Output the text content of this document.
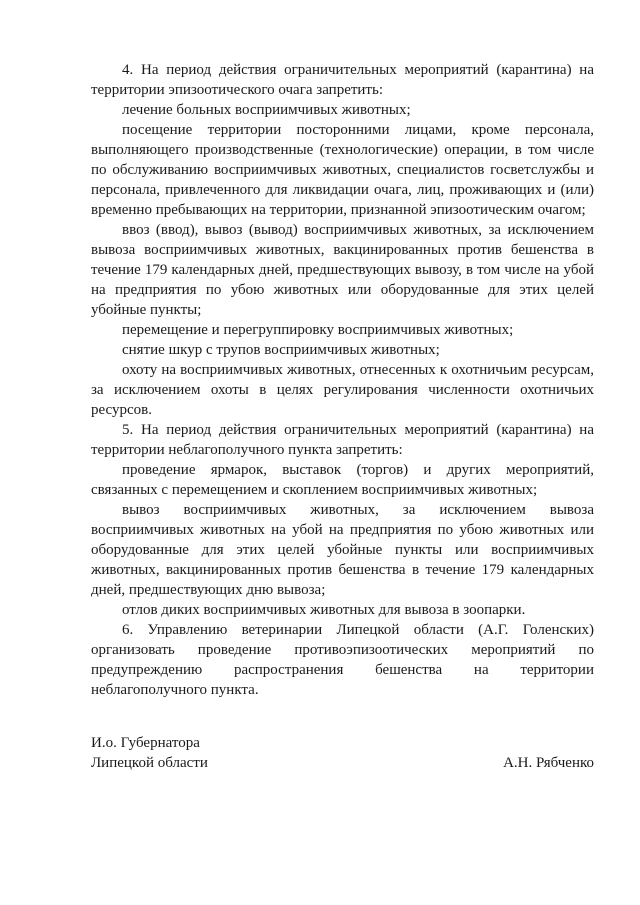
4. На период действия ограничительных мероприятий (карантина) на территории эпизоотического очага запретить:

лечение больных восприимчивых животных;

посещение территории посторонними лицами, кроме персонала, выполняющего производственные (технологические) операции, в том числе по обслуживанию восприимчивых животных, специалистов госветслужбы и персонала, привлеченного для ликвидации очага, лиц, проживающих и (или) временно пребывающих на территории, признанной эпизоотическим очагом;

ввоз (ввод), вывоз (вывод) восприимчивых животных, за исключением вывоза восприимчивых животных, вакцинированных против бешенства в течение 179 календарных дней, предшествующих вывозу, в том числе на убой на предприятия по убою животных или оборудованные для этих целей убойные пункты;

перемещение и перегруппировку восприимчивых животных;

снятие шкур с трупов восприимчивых животных;

охоту на восприимчивых животных, отнесенных к охотничьим ресурсам, за исключением охоты в целях регулирования численности охотничьих ресурсов.

5. На период действия ограничительных мероприятий (карантина) на территории неблагополучного пункта запретить:

проведение ярмарок, выставок (торгов) и других мероприятий, связанных с перемещением и скоплением восприимчивых животных;

вывоз восприимчивых животных, за исключением вывоза восприимчивых животных на убой на предприятия по убою животных или оборудованные для этих целей убойные пункты или восприимчивых животных, вакцинированных против бешенства в течение 179 календарных дней, предшествующих дню вывоза;

отлов диких восприимчивых животных для вывоза в зоопарки.

6. Управлению ветеринарии Липецкой области (А.Г. Голенских) организовать проведение противоэпизоотических мероприятий по предупреждению распространения бешенства на территории неблагополучного пункта.

И.о. Губернатора
Липецкой области	А.Н. Рябченко
